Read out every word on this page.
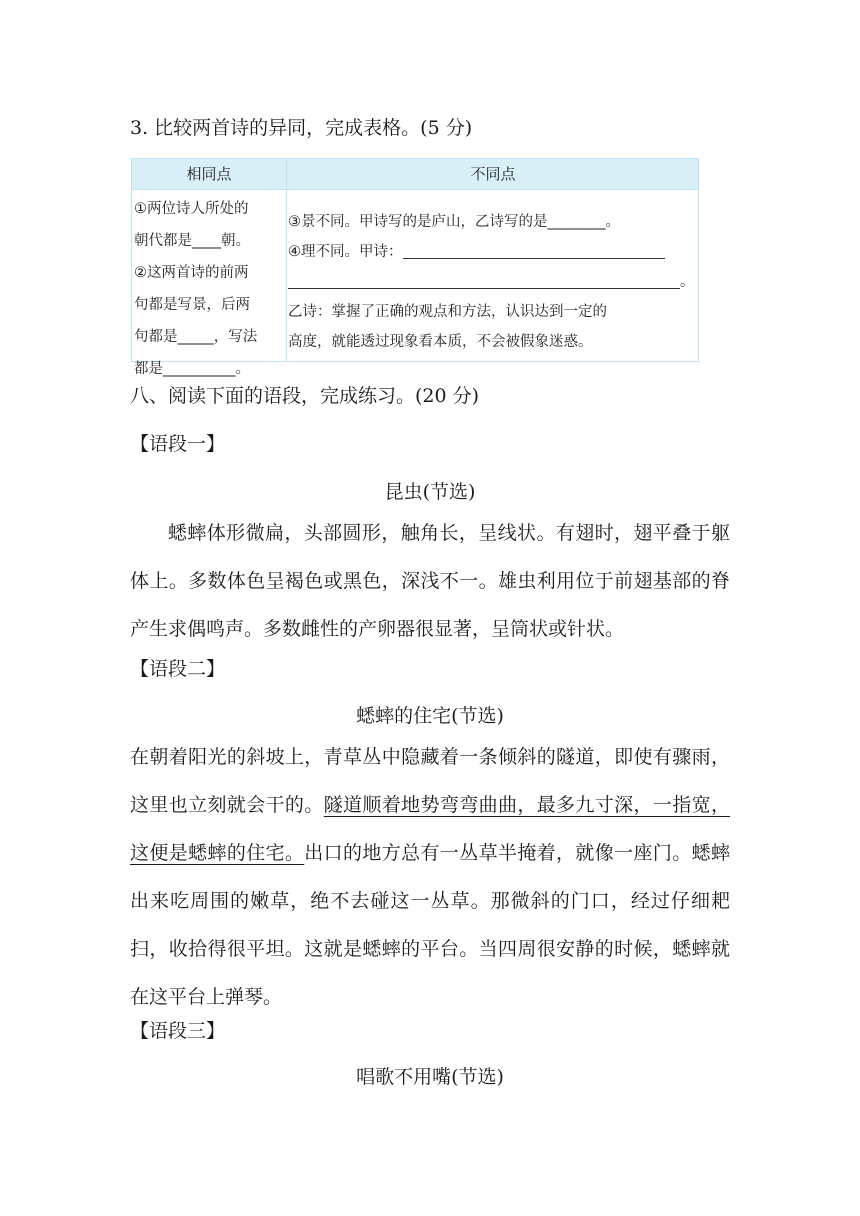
3. 比较两首诗的异同，完成表格。(5 分)
相同点	不同点
①两位诗人所处的
朝代都是____朝。
②这两首诗的前两
句都是写景，后两
句都是_____，写法
都是__________。
③景不同。甲诗写的是庐山，乙诗写的是________。
④理不同。甲诗：
。
乙诗：掌握了正确的观点和方法，认识达到一定的
高度，就能透过现象看本质，不会被假象迷惑。
八、阅读下面的语段，完成练习。(20 分)
【语段一】
昆虫(节选)
蟋蟀体形微扁，头部圆形，触角长，呈线状。有翅时，翅平叠于躯体上。多数体色呈褐色或黑色，深浅不一。雄虫利用位于前翅基部的脊产生求偶鸣声。多数雌性的产卵器很显著，呈筒状或针状。
【语段二】
蟋蟀的住宅(节选)
在朝着阳光的斜坡上，青草丛中隐藏着一条倾斜的隧道，即使有骤雨，这里也立刻就会干的。隧道顺着地势弯弯曲曲，最多九寸深，一指宽，这便是蟋蟀的住宅。出口的地方总有一丛草半掩着，就像一座门。蟋蟀出来吃周围的嫩草，绝不去碰这一丛草。那微斜的门口，经过仔细耙扫，收拾得很平坦。这就是蟋蟀的平台。当四周很安静的时候，蟋蟀就在这平台上弹琴。
【语段三】
唱歌不用嘴(节选)
